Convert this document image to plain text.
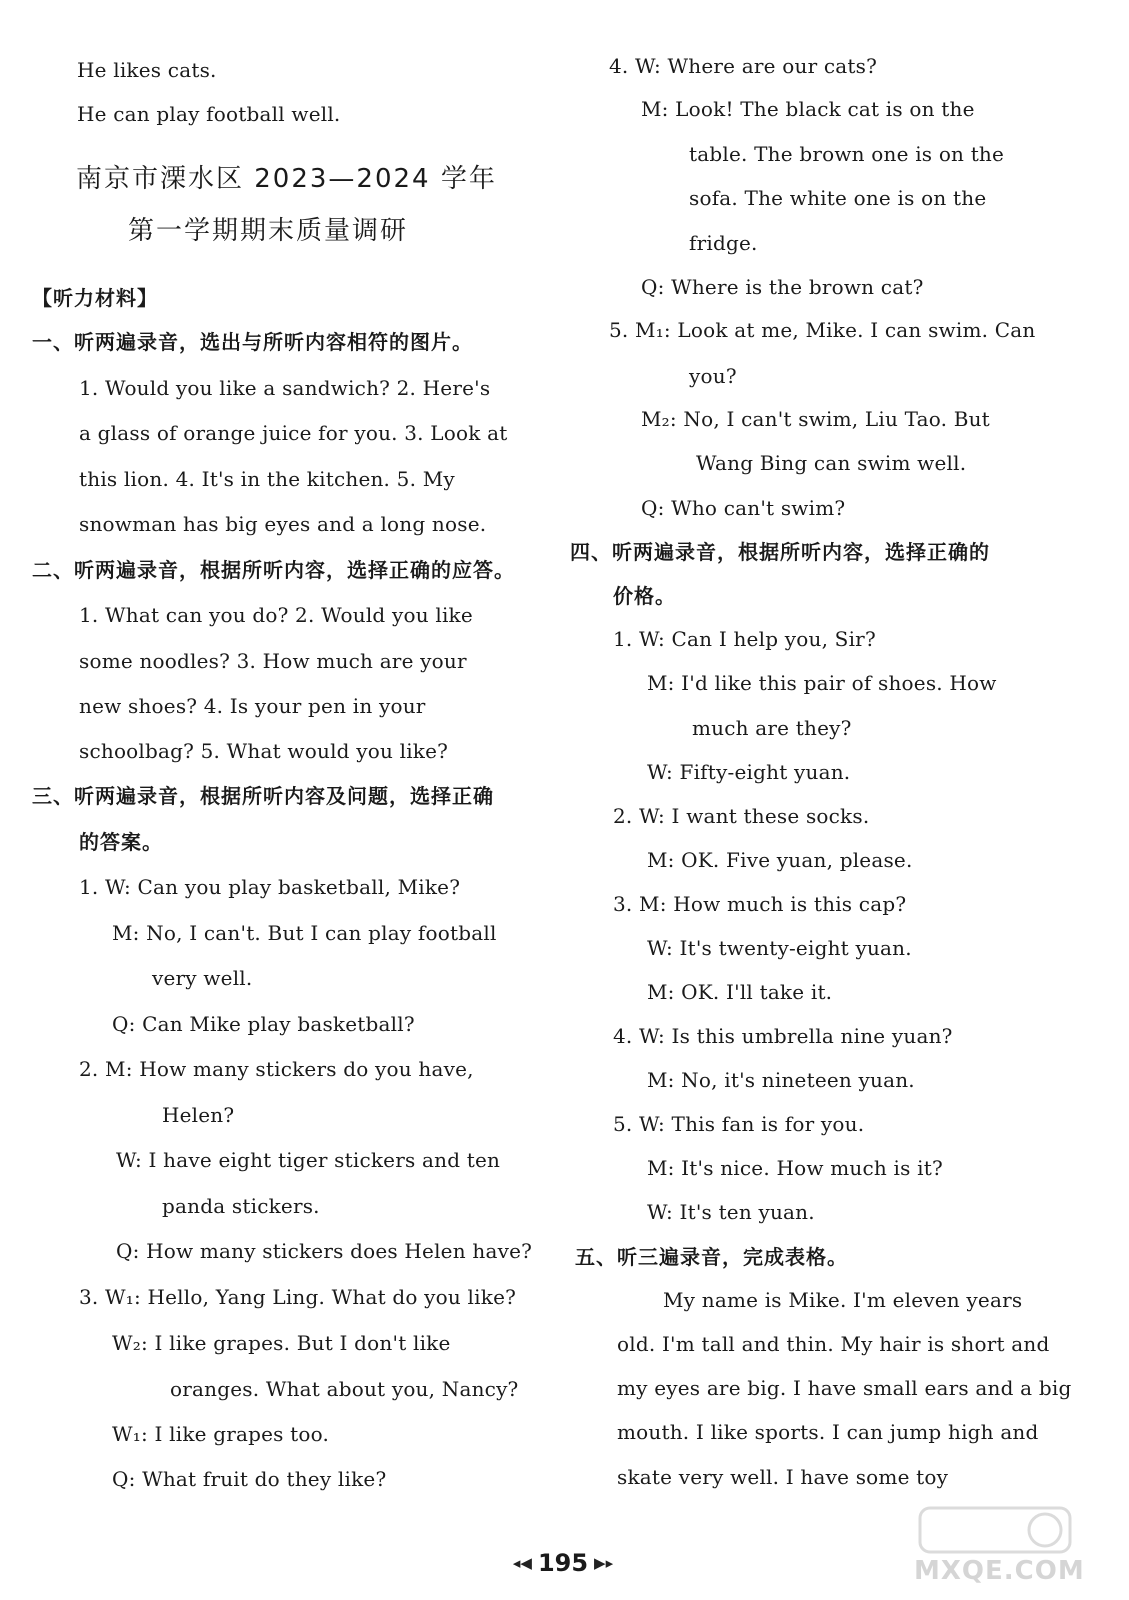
He likes cats.
He can play football well.
南京市溧水区 2023—2024 学年
第一学期期末质量调研
【听力材料】
一、听两遍录音，选出与所听内容相符的图片。
1. Would you like a sandwich? 2. Here's
a glass of orange juice for you. 3. Look at
this lion. 4. It's in the kitchen. 5. My
snowman has big eyes and a long nose.
二、听两遍录音，根据所听内容，选择正确的应答。
1. What can you do? 2. Would you like
some noodles? 3. How much are your
new shoes? 4. Is your pen in your
schoolbag? 5. What would you like?
三、听两遍录音，根据所听内容及问题，选择正确
的答案。
1. W: Can you play basketball, Mike?
M: No, I can't. But I can play football
very well.
Q: Can Mike play basketball?
2. M: How many stickers do you have,
Helen?
W: I have eight tiger stickers and ten
panda stickers.
Q: How many stickers does Helen have?
3. W₁: Hello, Yang Ling. What do you like?
W₂: I like grapes. But I don't like
oranges. What about you, Nancy?
W₁: I like grapes too.
Q: What fruit do they like?
4. W: Where are our cats?
M: Look! The black cat is on the
table. The brown one is on the
sofa. The white one is on the
fridge.
Q: Where is the brown cat?
5. M₁: Look at me, Mike. I can swim. Can
you?
M₂: No, I can't swim, Liu Tao. But
Wang Bing can swim well.
Q: Who can't swim?
四、听两遍录音，根据所听内容，选择正确的
价格。
1. W: Can I help you, Sir?
M: I'd like this pair of shoes. How
much are they?
W: Fifty-eight yuan.
2. W: I want these socks.
M: OK. Five yuan, please.
3. M: How much is this cap?
W: It's twenty-eight yuan.
M: OK. I'll take it.
4. W: Is this umbrella nine yuan?
M: No, it's nineteen yuan.
5. W: This fan is for you.
M: It's nice. How much is it?
W: It's ten yuan.
五、听三遍录音，完成表格。
My name is Mike. I'm eleven years
old. I'm tall and thin. My hair is short and
my eyes are big. I have small ears and a big
mouth. I like sports. I can jump high and
skate very well. I have some toy
◂◀ 195 ▶▸	MXQE.COM
